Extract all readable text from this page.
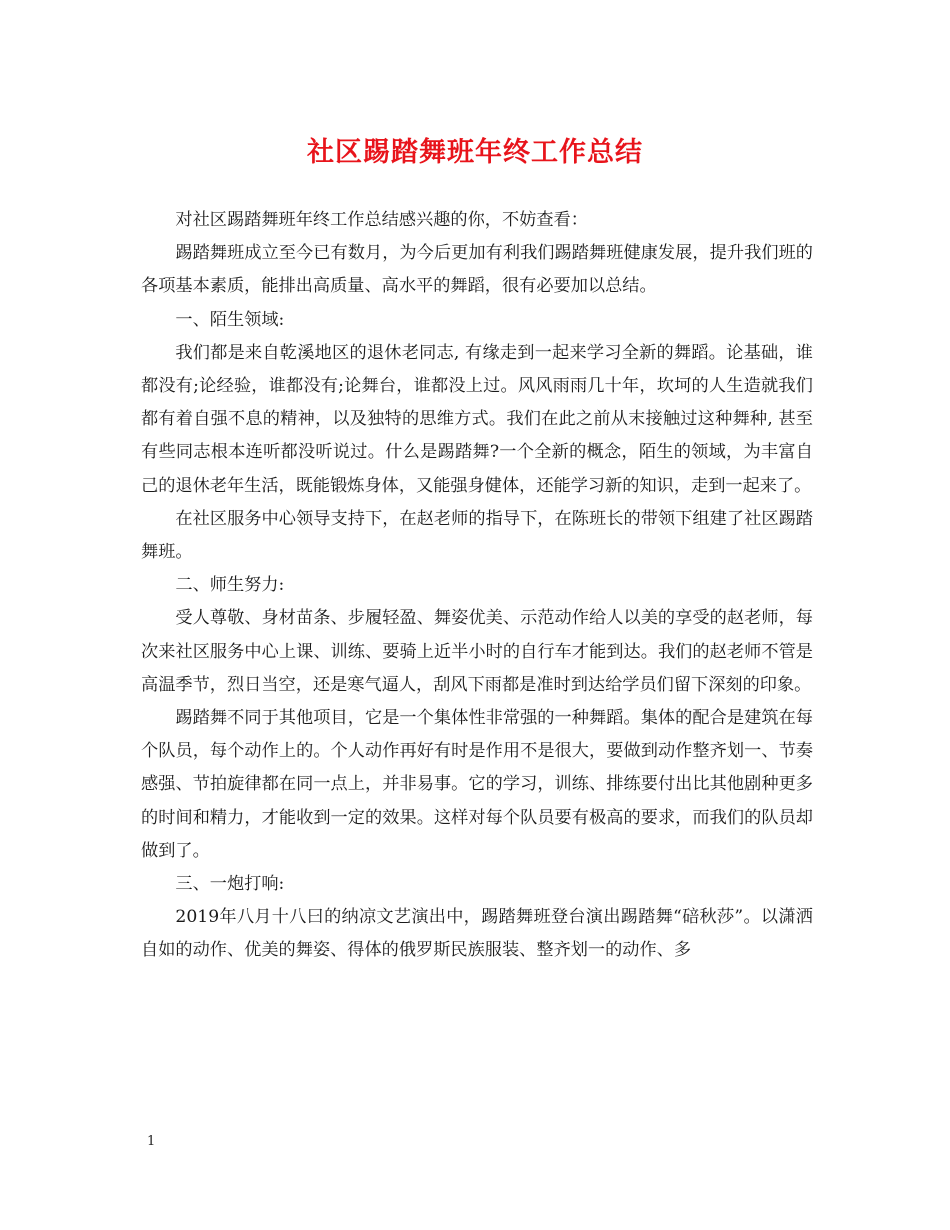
社区踢踏舞班年终工作总结

对社区踢踏舞班年终工作总结感兴趣的你，不妨查看：

踢踏舞班成立至今已有数月，为今后更加有利我们踢踏舞班健康发展，提升我们班的各项基本素质，能排出高质量、高水平的舞蹈，很有必要加以总结。

一、陌生领域:

我们都是来自乾溪地区的退休老同志, 有缘走到一起来学习全新的舞蹈。论基础，谁都没有;论经验，谁都没有;论舞台，谁都没上过。风风雨雨几十年，坎坷的人生造就我们都有着自强不息的精神，以及独特的思维方式。我们在此之前从末接触过这种舞种, 甚至有些同志根本连听都没听说过。什么是踢踏舞?一个全新的概念，陌生的领域，为丰富自己的退休老年生活，既能锻炼身体，又能强身健体，还能学习新的知识，走到一起来了。

在社区服务中心领导支持下，在赵老师的指导下，在陈班长的带领下组建了社区踢踏舞班。

二、师生努力:

受人尊敬、身材苗条、步履轻盈、舞姿优美、示范动作给人以美的享受的赵老师，每次来社区服务中心上课、训练、要骑上近半小时的自行车才能到达。我们的赵老师不管是高温季节，烈日当空，还是寒气逼人，刮风下雨都是准时到达给学员们留下深刻的印象。

踢踏舞不同于其他项目，它是一个集体性非常强的一种舞蹈。集体的配合是建筑在每个队员，每个动作上的。个人动作再好有时是作用不是很大，要做到动作整齐划一、节奏感强、节拍旋律都在同一点上，并非易事。它的学习，训练、排练要付出比其他剧种更多的时间和精力，才能收到一定的效果。这样对每个队员要有极高的要求，而我们的队员却做到了。

三、一炮打响:

2019年八月十八曰的纳凉文艺演出中，踢踏舞班登台演出踢踏舞“碚秋莎”。以潇洒自如的动作、优美的舞姿、得体的俄罗斯民族服装、整齐划一的动作、多

1
